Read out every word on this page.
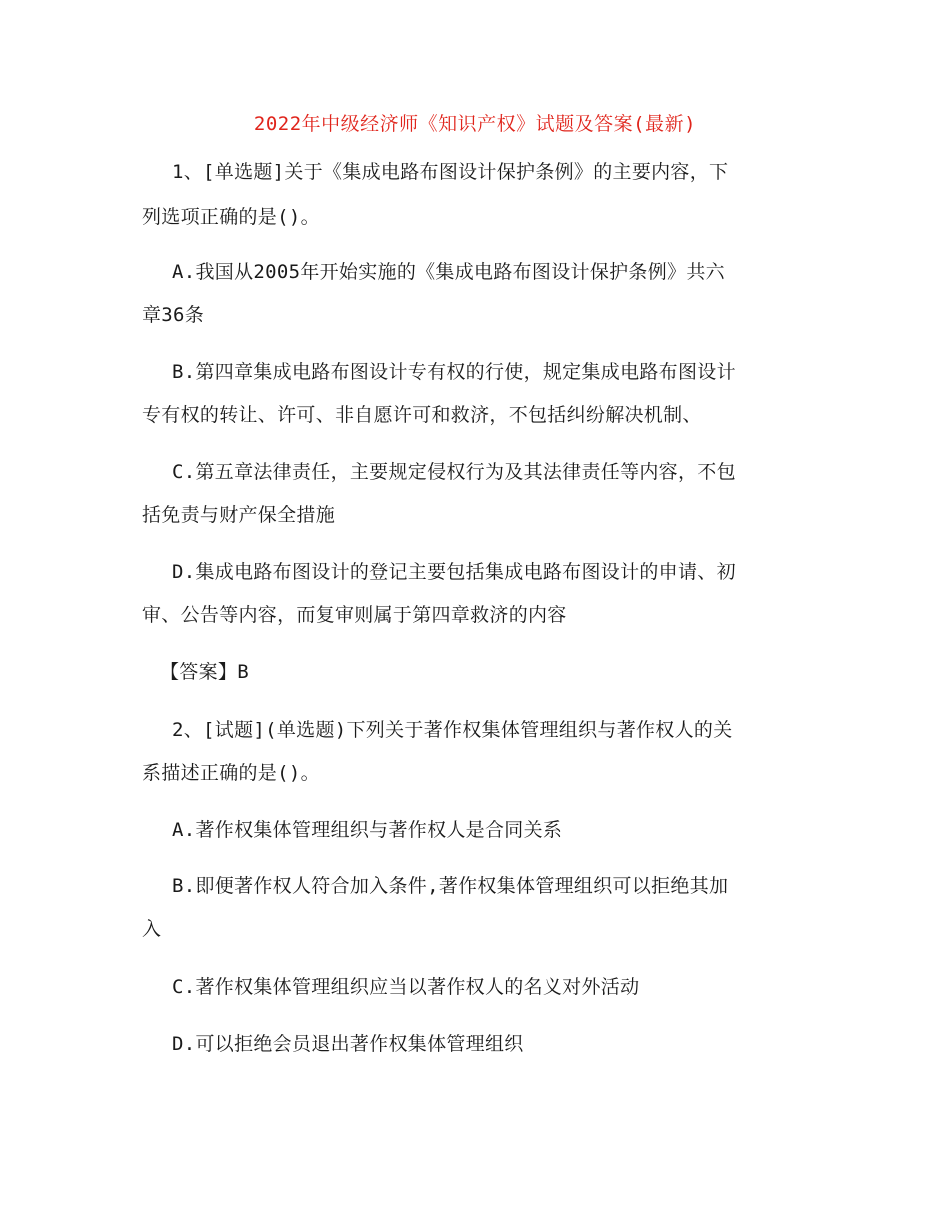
2022年中级经济师《知识产权》试题及答案(最新)
1、[单选题]关于《集成电路布图设计保护条例》的主要内容，下
列选项正确的是()。
A.我国从2005年开始实施的《集成电路布图设计保护条例》共六
章36条
B.第四章集成电路布图设计专有权的行使，规定集成电路布图设计
专有权的转让、许可、非自愿许可和救济，不包括纠纷解决机制、
C.第五章法律责任，主要规定侵权行为及其法律责任等内容，不包
括免责与财产保全措施
D.集成电路布图设计的登记主要包括集成电路布图设计的申请、初
审、公告等内容，而复审则属于第四章救济的内容
【答案】B
2、[试题](单选题)下列关于著作权集体管理组织与著作权人的关
系描述正确的是()。
A.著作权集体管理组织与著作权人是合同关系
B.即便著作权人符合加入条件,著作权集体管理组织可以拒绝其加
入
C.著作权集体管理组织应当以著作权人的名义对外活动
D.可以拒绝会员退出著作权集体管理组织
